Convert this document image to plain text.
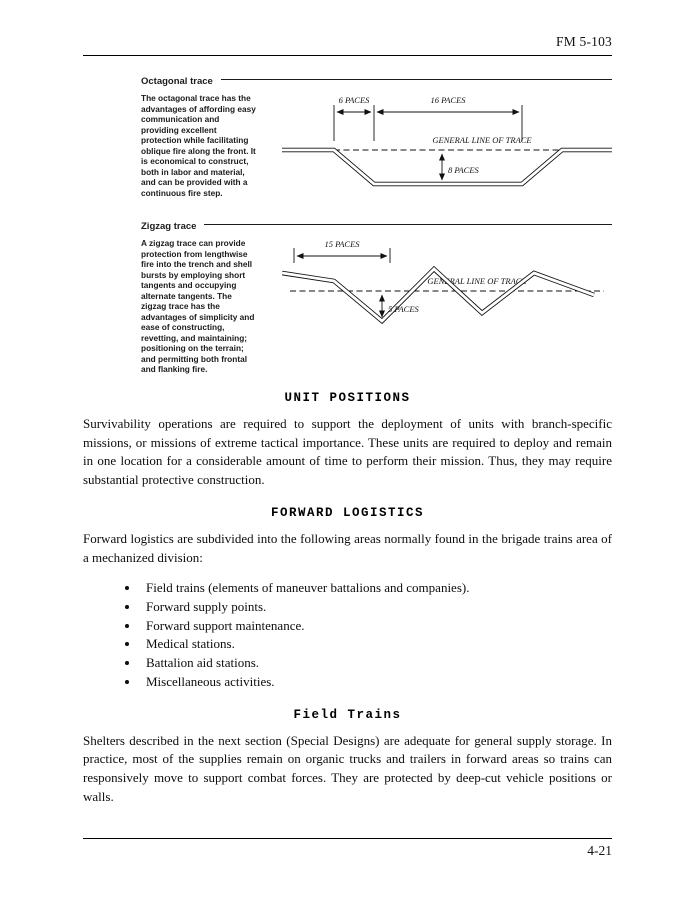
FM 5-103
Octagonal trace
The octagonal trace has the advantages of affording easy communication and providing excellent protection while facilitating oblique fire along the front. It is economical to construct, both in labor and material, and can be provided with a continuous fire step.
6 PACES	16 PACES
GENERAL LINE OF TRACE
8 PACES
Zigzag trace
A zigzag trace can provide protection from lengthwise fire into the trench and shell bursts by employing short tangents and occupying alternate tangents. The zigzag trace has the advantages of simplicity and ease of constructing, revetting, and maintaining; positioning on the terrain; and permitting both frontal and flanking fire.
15 PACES
GENERAL LINE OF TRACE
5 PACES
UNIT POSITIONS

Survivability operations are required to support the deployment of units with branch-specific missions, or missions of extreme tactical importance. These units are required to deploy and remain in one location for a considerable amount of time to perform their mission. Thus, they may require substantial protective construction.

FORWARD LOGISTICS

Forward logistics are subdivided into the following areas normally found in the brigade trains area of a mechanized division:

• Field trains (elements of maneuver battalions and companies).
• Forward supply points.
• Forward support maintenance.
• Medical stations.
• Battalion aid stations.
• Miscellaneous activities.
Field Trains

Shelters described in the next section (Special Designs) are adequate for general supply storage. In practice, most of the supplies remain on organic trucks and trailers in forward areas so trains can responsively move to support combat forces. They are protected by deep-cut vehicle positions or walls.

4-21
